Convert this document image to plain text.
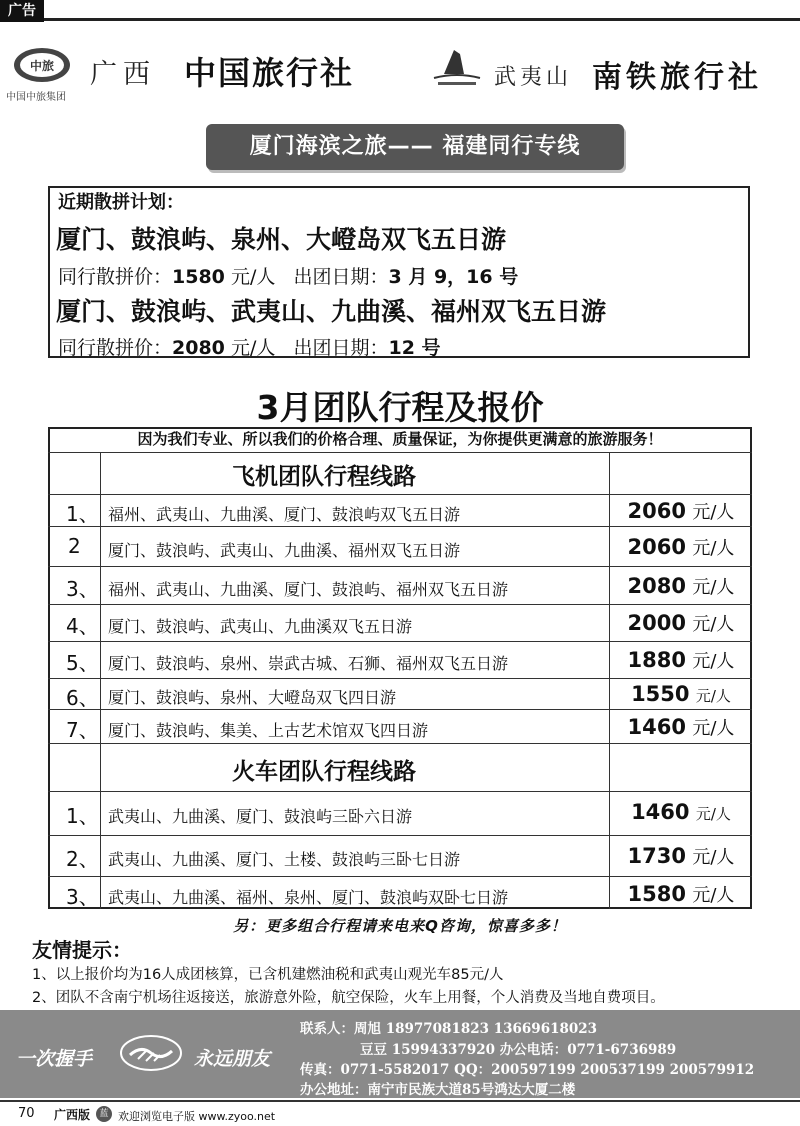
广告
中旅
中国中旅集团
广西 中国旅行社	武夷山 南铁旅行社
厦门海滨之旅—— 福建同行专线
近期散拼计划：
厦门、鼓浪屿、泉州、大嶝岛双飞五日游
同行散拼价：1580 元/人 出团日期：3 月 9，16 号
厦门、鼓浪屿、武夷山、九曲溪、福州双飞五日游
同行散拼价：2080 元/人 出团日期：12 号
3月团队行程及报价
因为我们专业、所以我们的价格合理、质量保证，为你提供更满意的旅游服务！
飞机团队行程线路
1、 福州、武夷山、九曲溪、厦门、鼓浪屿双飞五日游	2060 元/人
2 厦门、鼓浪屿、武夷山、九曲溪、福州双飞五日游	2060 元/人
3、 福州、武夷山、九曲溪、厦门、鼓浪屿、福州双飞五日游	2080 元/人
4、 厦门、鼓浪屿、武夷山、九曲溪双飞五日游	2000 元/人
5、 厦门、鼓浪屿、泉州、崇武古城、石狮、福州双飞五日游	1880 元/人
6、 厦门、鼓浪屿、泉州、大嶝岛双飞四日游	1550 元/人
7、 厦门、鼓浪屿、集美、上古艺术馆双飞四日游	1460 元/人
火车团队行程线路
1、 武夷山、九曲溪、厦门、鼓浪屿三卧六日游	1460 元/人
2、 武夷山、九曲溪、厦门、土楼、鼓浪屿三卧七日游	1730 元/人
3、 武夷山、九曲溪、福州、泉州、厦门、鼓浪屿双卧七日游	1580 元/人
另：更多组合行程请来电来Q咨询，惊喜多多！
友情提示：
1、以上报价均为16人成团核算，已含机建燃油税和武夷山观光车85元/人
2、团队不含南宁机场往返接送，旅游意外险，航空保险，火车上用餐，个人消费及当地自费项目。
一次握手	永远朋友
联系人：周旭 18977081823 13669618023
豆豆 15994337920 办公电话：0771-6736989
传真：0771-5582017 QQ：200597199 200537199 200579912
办公地址：南宁市民族大道85号鸿达大厦二楼
70 广西版	蓝 欢迎浏览电子版 www.zyoo.net
